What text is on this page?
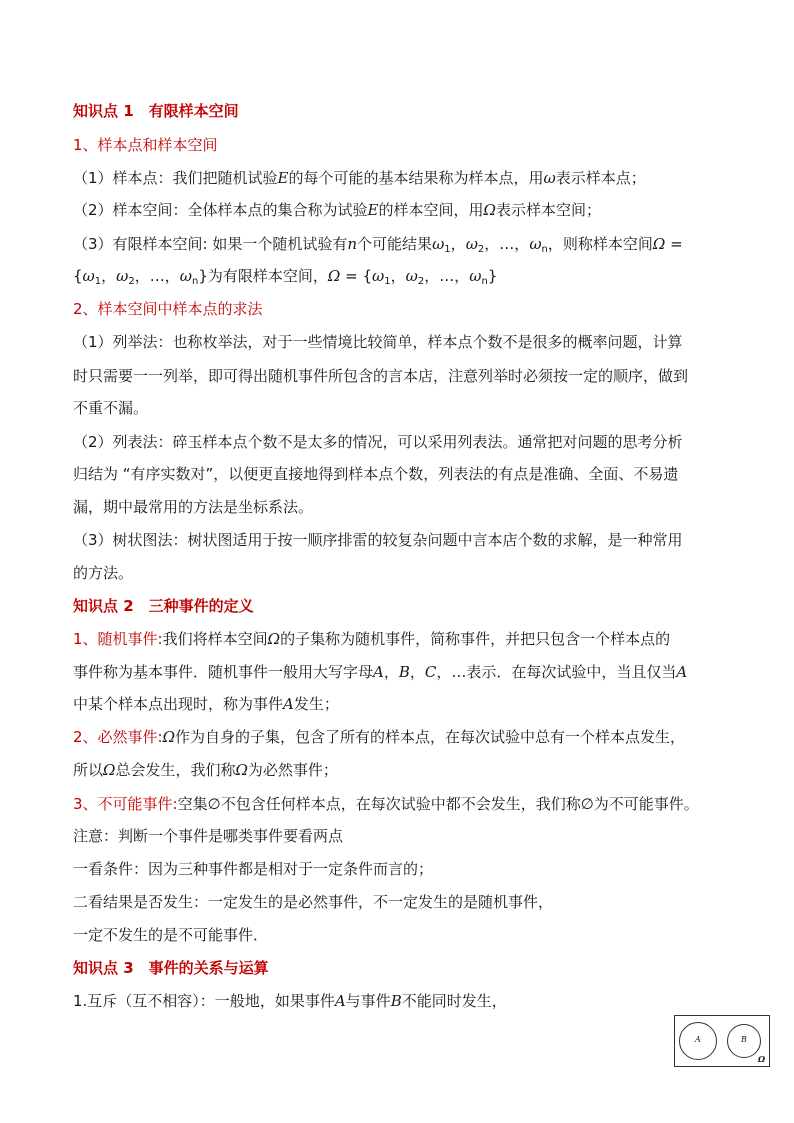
知识点 1　有限样本空间
1、样本点和样本空间
（1）样本点：我们把随机试验E的每个可能的基本结果称为样本点，用ω表示样本点；
（2）样本空间：全体样本点的集合称为试验E的样本空间，用Ω表示样本空间；
（3）有限样本空间: 如果一个随机试验有n个可能结果$\omega_1$，$\omega_2$，…，$\omega_n$，则称样本空间Ω =
{$\omega_1$，$\omega_2$，…，$\omega_n$}为有限样本空间，$\Omega = \{\omega_1$，$\omega_2$，…，$\omega_n$}
2、样本空间中样本点的求法
（1）列举法：也称枚举法，对于一些情境比较简单，样本点个数不是很多的概率问题，计算
时只需要一一列举，即可得出随机事件所包含的言本店，注意列举时必须按一定的顺序，做到
不重不漏。
（2）列表法：碎玉样本点个数不是太多的情况，可以采用列表法。通常把对问题的思考分析
归结为 “有序实数对”，以便更直接地得到样本点个数，列表法的有点是准确、全面、不易遗
漏，期中最常用的方法是坐标系法。
（3）树状图法：树状图适用于按一顺序排雷的较复杂问题中言本店个数的求解，是一种常用
的方法。
知识点 2　三种事件的定义
1、随机事件:我们将样本空间Ω的子集称为随机事件，简称事件，并把只包含一个样本点的
事件称为基本事件．随机事件一般用大写字母A，B，C，…表示．在每次试验中，当且仅当A
中某个样本点出现时，称为事件A发生；
2、必然事件:Ω作为自身的子集，包含了所有的样本点，在每次试验中总有一个样本点发生，
所以Ω总会发生，我们称Ω为必然事件；
3、不可能事件:空集∅不包含任何样本点，在每次试验中都不会发生，我们称∅为不可能事件。
注意：判断一个事件是哪类事件要看两点
一看条件：因为三种事件都是相对于一定条件而言的；
二看结果是否发生：一定发生的是必然事件，不一定发生的是随机事件，
一定不发生的是不可能事件．
知识点 3　事件的关系与运算
1.互斥（互不相容）：一般地，如果事件A与事件B不能同时发生，
A	B
Ω
